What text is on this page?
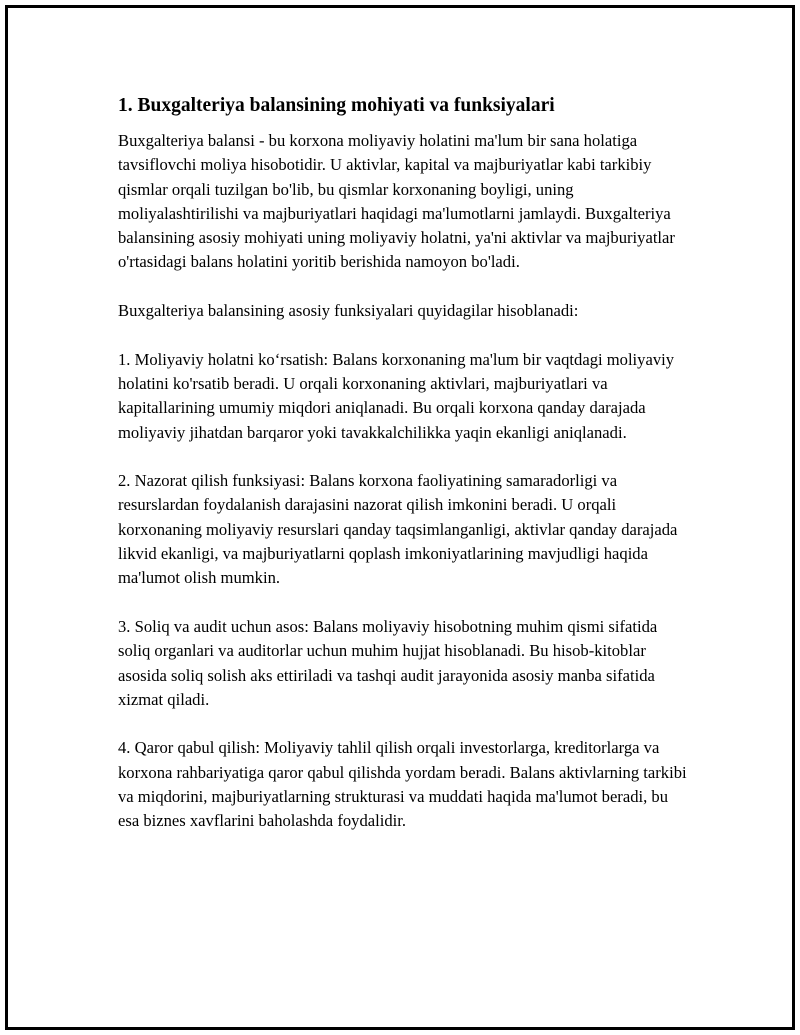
1. Buxgalteriya balansining mohiyati va funksiyalari

Buxgalteriya balansi - bu korxona moliyaviy holatini ma'lum bir sana holatiga tavsiflovchi moliya hisobotidir. U aktivlar, kapital va majburiyatlar kabi tarkibiy qismlar orqali tuzilgan bo'lib, bu qismlar korxonaning boyligi, uning moliyalashtirilishi va majburiyatlari haqidagi ma'lumotlarni jamlaydi. Buxgalteriya balansining asosiy mohiyati uning moliyaviy holatni, ya'ni aktivlar va majburiyatlar o'rtasidagi balans holatini yoritib berishida namoyon bo'ladi.

Buxgalteriya balansining asosiy funksiyalari quyidagilar hisoblanadi:

1. Moliyaviy holatni ko‘rsatish: Balans korxonaning ma'lum bir vaqtdagi moliyaviy holatini ko'rsatib beradi. U orqali korxonaning aktivlari, majburiyatlari va kapitallarining umumiy miqdori aniqlanadi. Bu orqali korxona qanday darajada moliyaviy jihatdan barqaror yoki tavakkalchilikka yaqin ekanligi aniqlanadi.

2. Nazorat qilish funksiyasi: Balans korxona faoliyatining samaradorligi va resurslardan foydalanish darajasini nazorat qilish imkonini beradi. U orqali korxonaning moliyaviy resurslari qanday taqsimlanganligi, aktivlar qanday darajada likvid ekanligi, va majburiyatlarni qoplash imkoniyatlarining mavjudligi haqida ma'lumot olish mumkin.

3. Soliq va audit uchun asos: Balans moliyaviy hisobotning muhim qismi sifatida soliq organlari va auditorlar uchun muhim hujjat hisoblanadi. Bu hisob-kitoblar asosida soliq solish aks ettiriladi va tashqi audit jarayonida asosiy manba sifatida xizmat qiladi.

4. Qaror qabul qilish: Moliyaviy tahlil qilish orqali investorlarga, kreditorlarga va korxona rahbariyatiga qaror qabul qilishda yordam beradi. Balans aktivlarning tarkibi va miqdorini, majburiyatlarning strukturasi va muddati haqida ma'lumot beradi, bu esa biznes xavflarini baholashda foydalidir.
